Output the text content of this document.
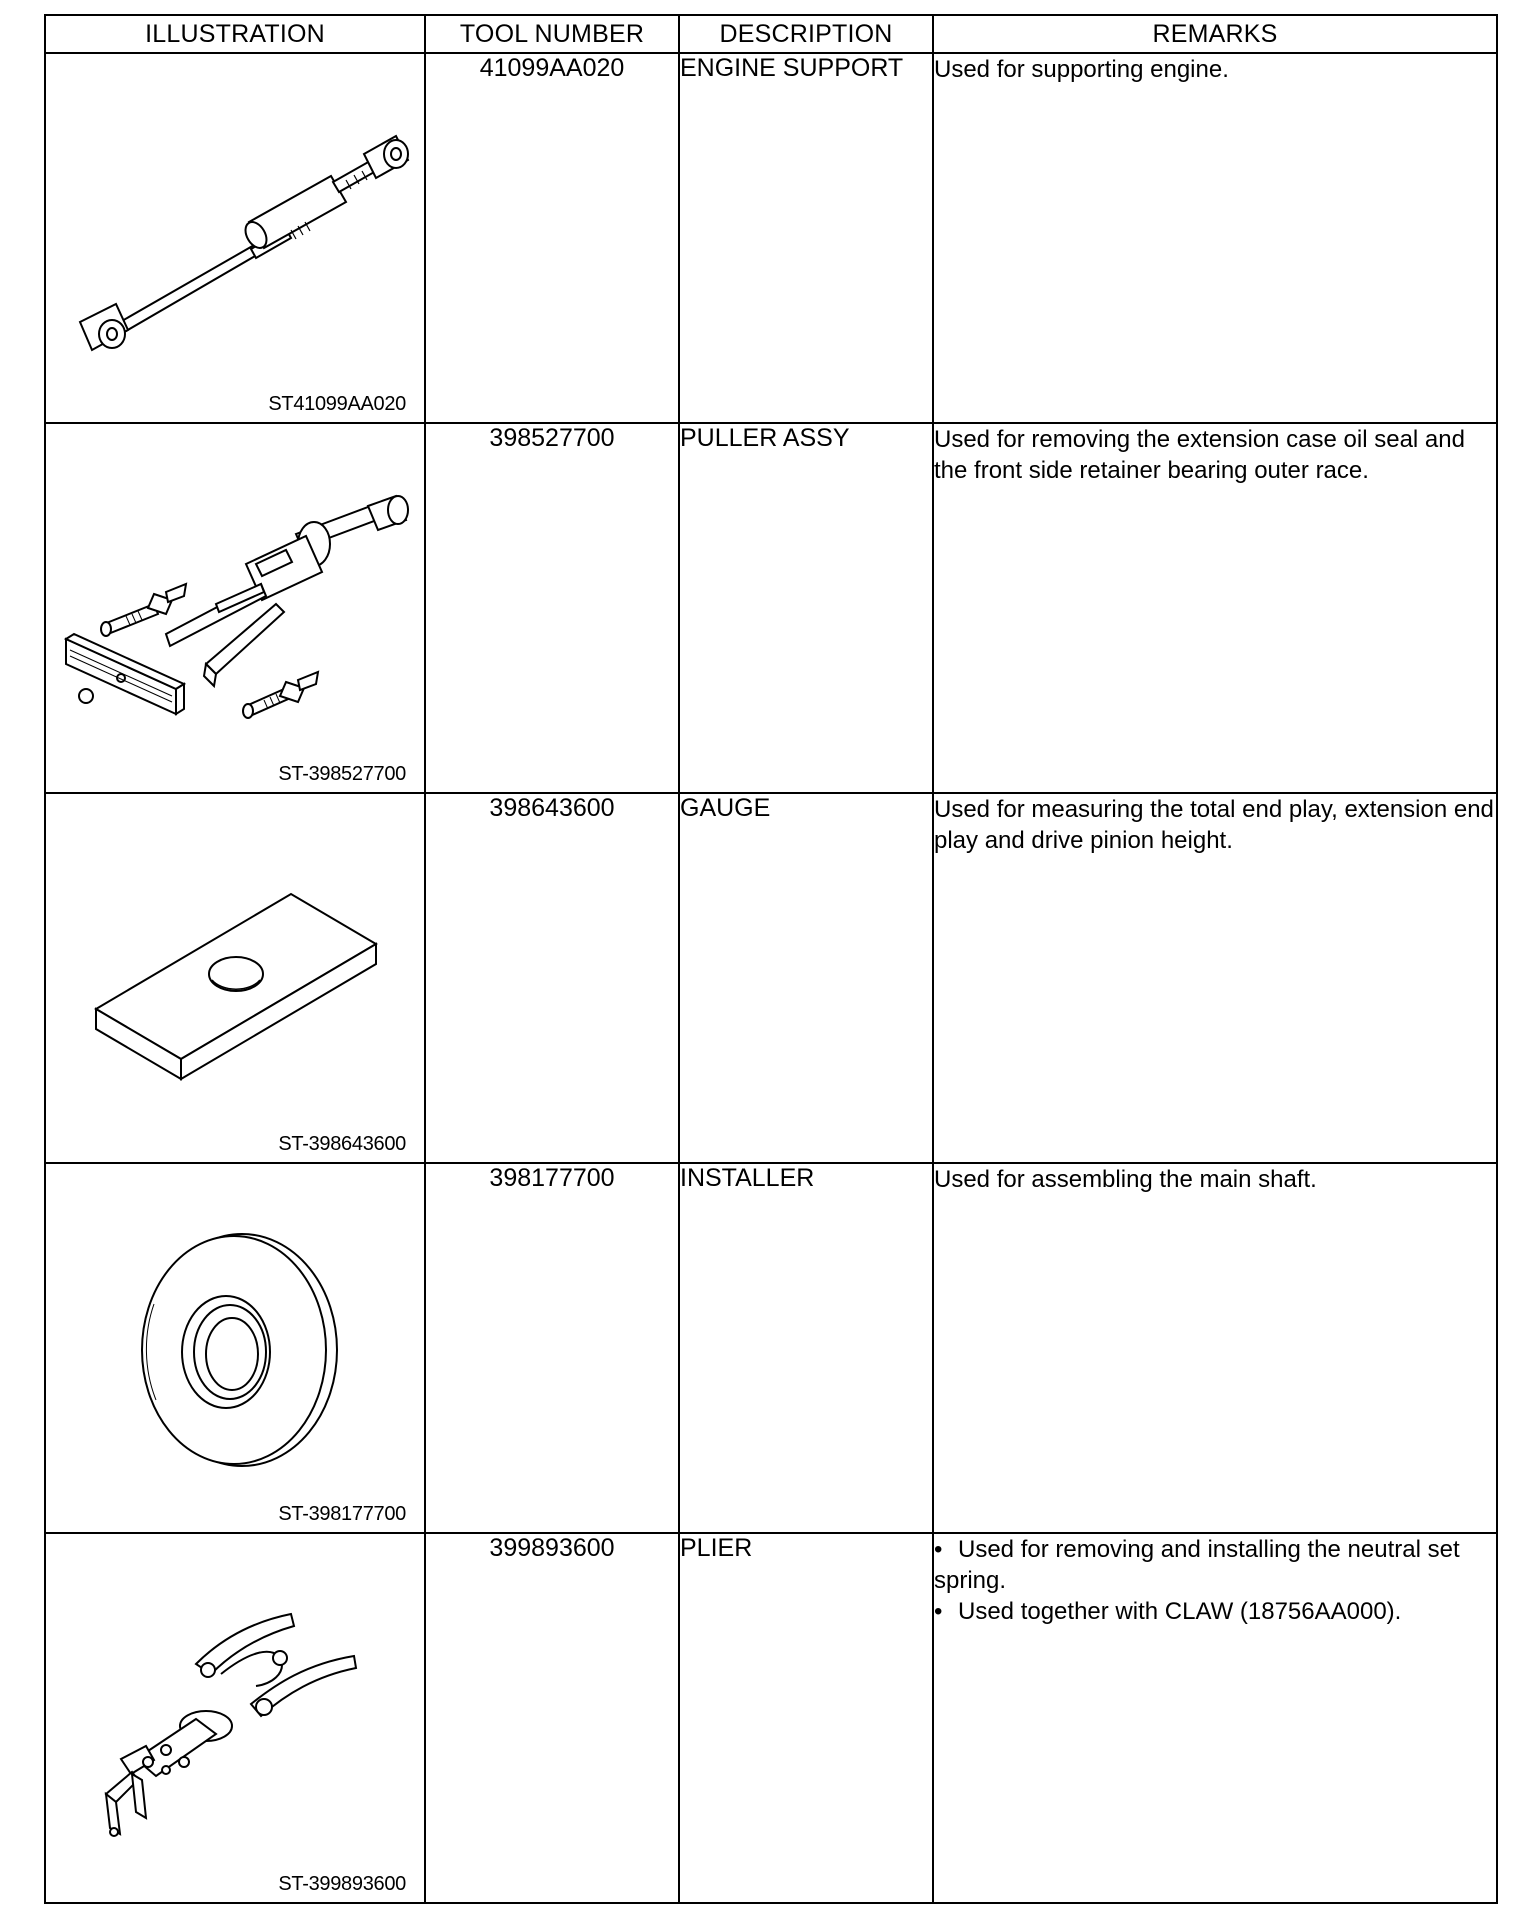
ILLUSTRATION	TOOL NUMBER	DESCRIPTION	REMARKS

ST41099AA020	41099AA020	ENGINE SUPPORT	Used for supporting engine.

ST-398527700	398527700	PULLER ASSY	Used for removing the extension case oil seal and the front side retainer bearing outer race.

ST-398643600	398643600	GAUGE	Used for measuring the total end play, extension end play and drive pinion height.

ST-398177700	398177700	INSTALLER	Used for assembling the main shaft.

ST-399893600	399893600	PLIER	• Used for removing and installing the neutral set spring.
• Used together with CLAW (18756AA000).
